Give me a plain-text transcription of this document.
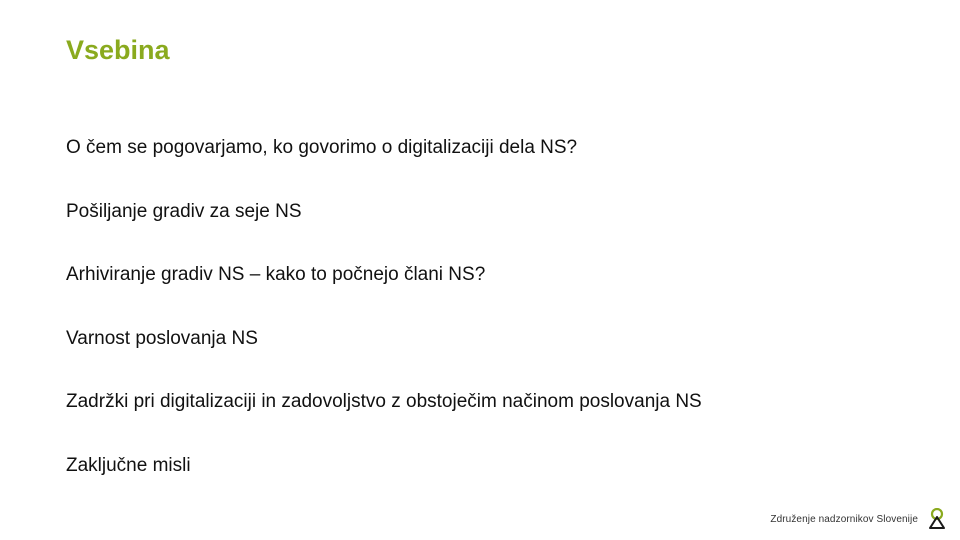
Vsebina
O čem se pogovarjamo, ko govorimo o digitalizaciji dela NS?
Pošiljanje gradiv za seje NS
Arhiviranje gradiv NS – kako to počnejo člani NS?
Varnost poslovanja NS
Zadržki pri digitalizaciji in zadovoljstvo z obstoječim načinom poslovanja NS
Zaključne misli
Združenje nadzornikov Slovenije
